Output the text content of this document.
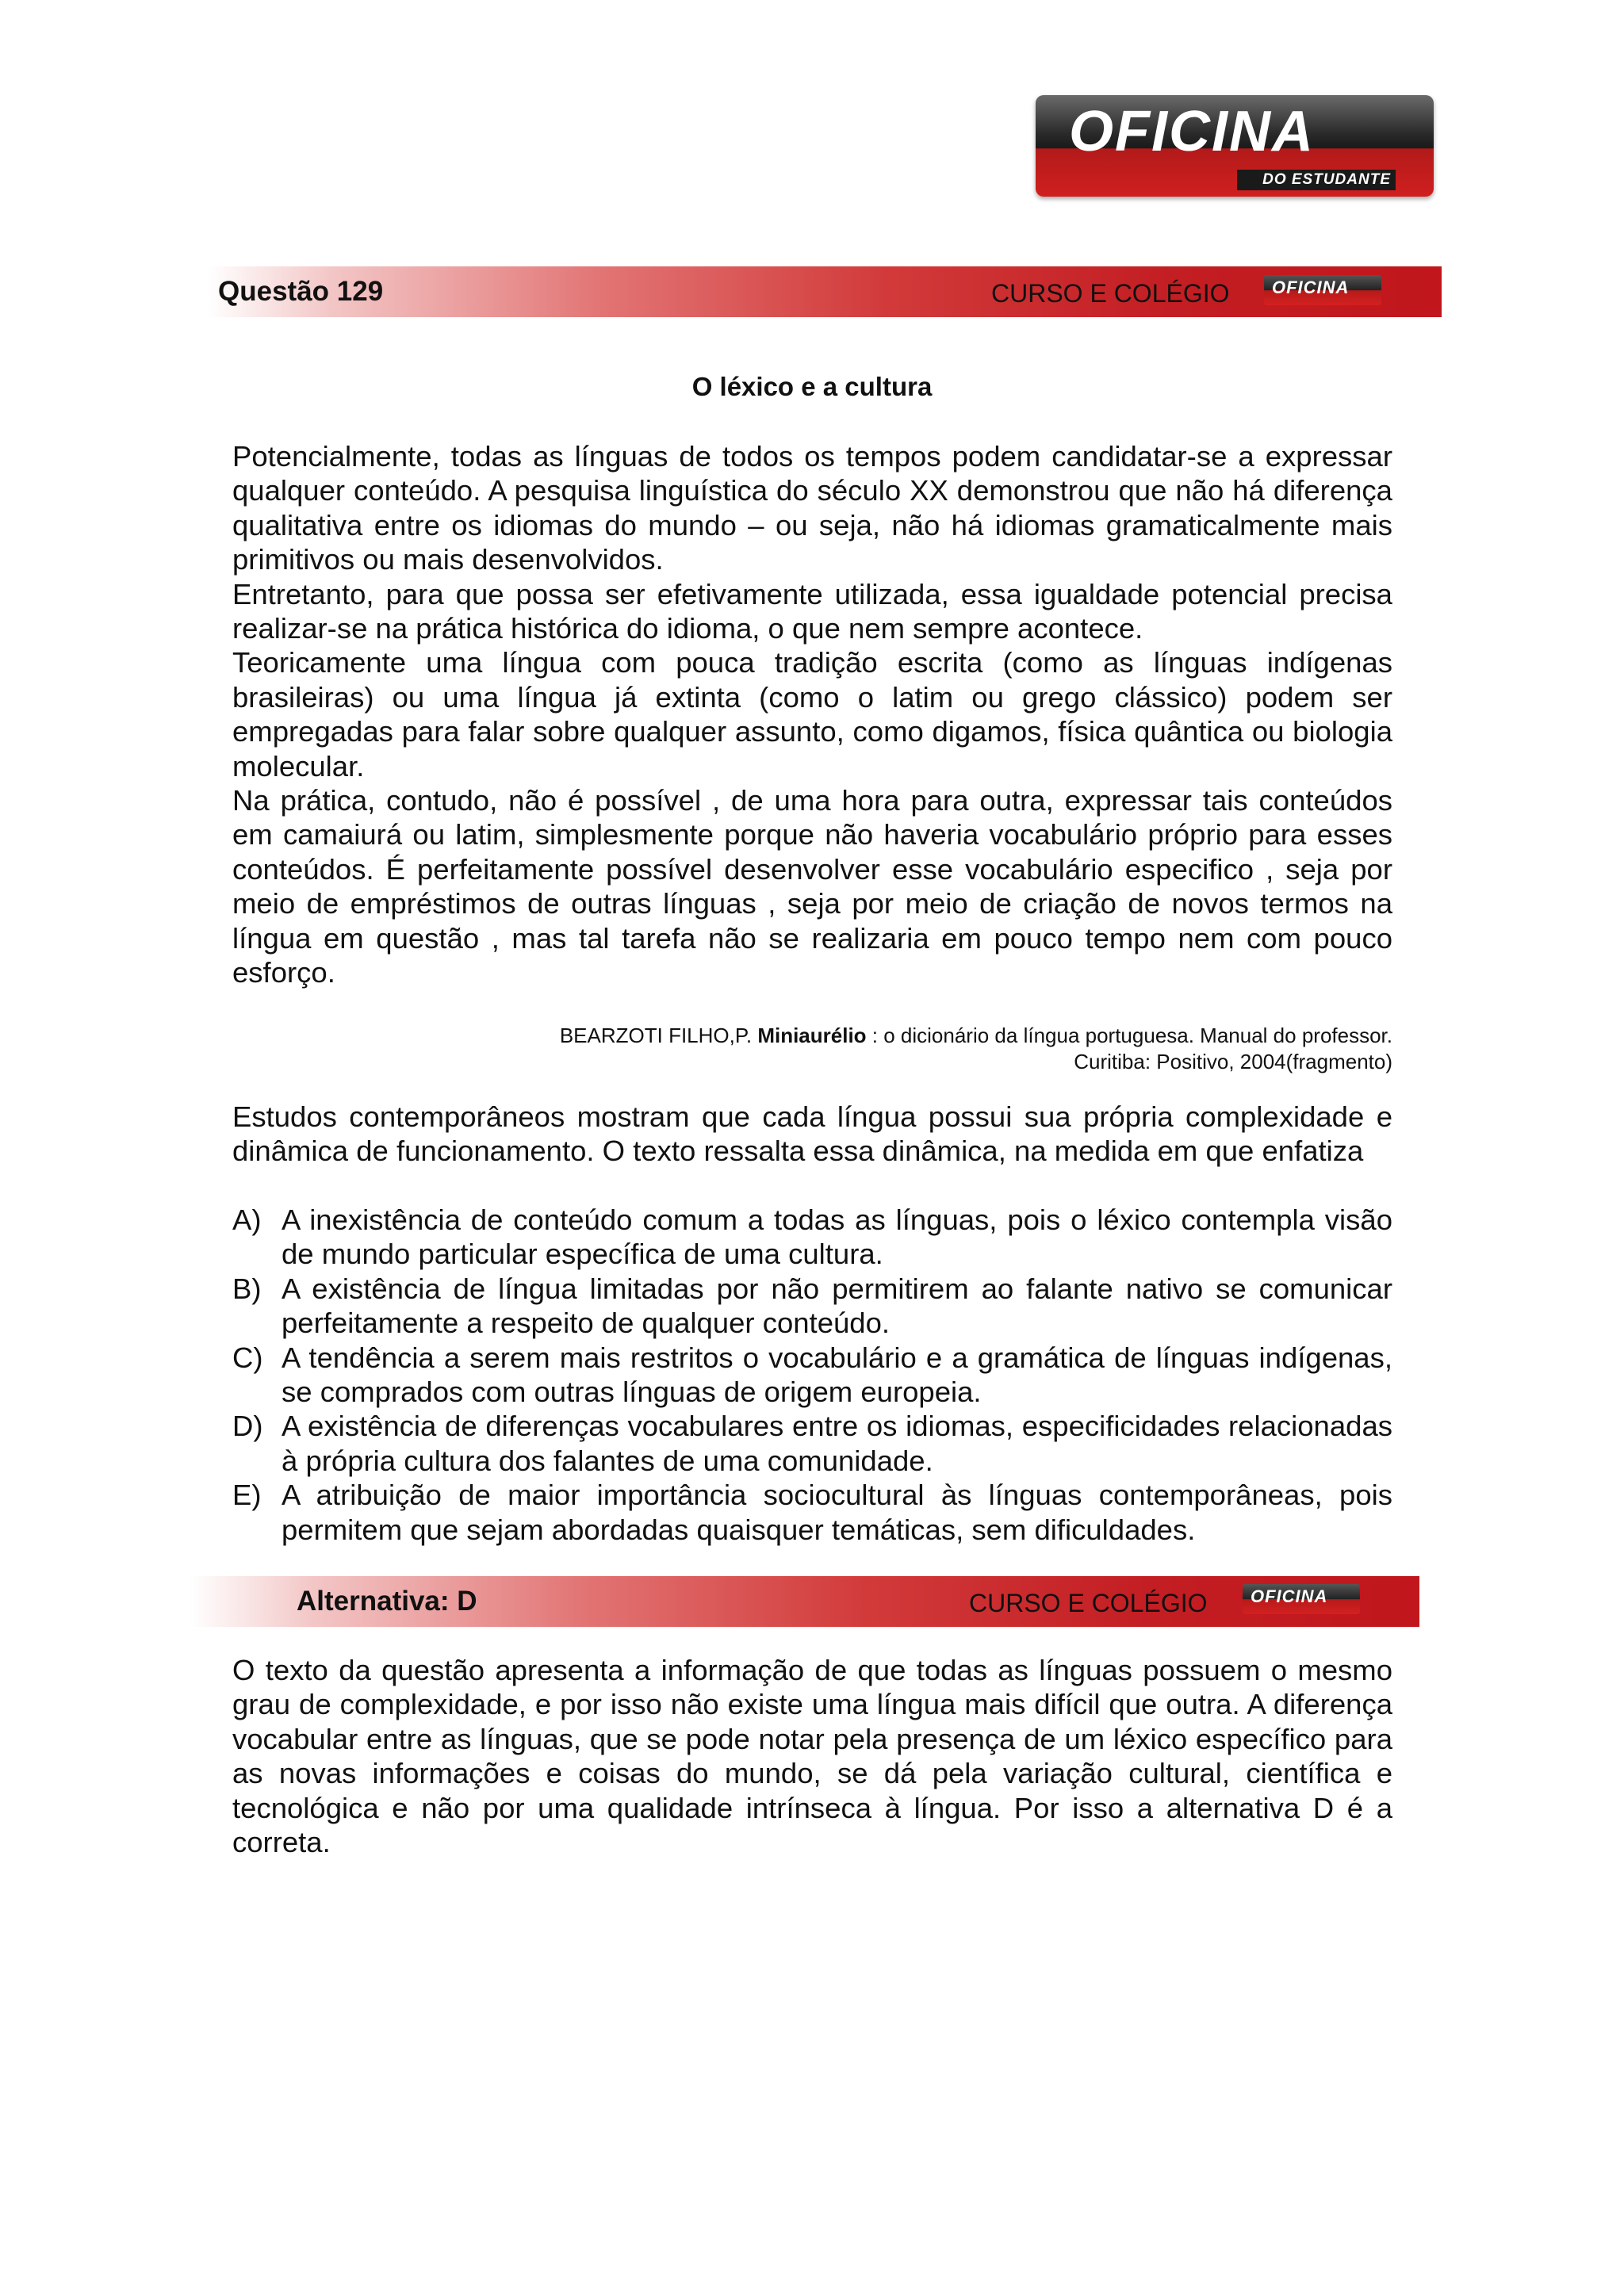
OFICINA
DO ESTUDANTE
Questão 129	CURSO E COLÉGIO OFICINA
O léxico e a cultura

Potencialmente, todas as línguas de todos os tempos podem candidatar-se a expressar qualquer conteúdo. A pesquisa linguística do século XX demonstrou que não há diferença qualitativa entre os idiomas do mundo – ou seja, não há idiomas gramaticalmente mais primitivos ou mais desenvolvidos.

Entretanto, para que possa ser efetivamente utilizada, essa igualdade potencial precisa realizar-se na prática histórica do idioma, o que nem sempre acontece.

Teoricamente uma língua com pouca tradição escrita (como as línguas indígenas brasileiras) ou uma língua já extinta (como o latim ou grego clássico) podem ser empregadas para falar sobre qualquer assunto, como digamos, física quântica ou biologia molecular.

Na prática, contudo, não é possível , de uma hora para outra, expressar tais conteúdos em camaiurá ou latim, simplesmente porque não haveria vocabulário próprio para esses conteúdos. É perfeitamente possível desenvolver esse vocabulário especifico , seja por meio de empréstimos de outras línguas , seja por meio de criação de novos termos na língua em questão , mas tal tarefa não se realizaria em pouco tempo nem com pouco esforço.

BEARZOTI FILHO,P. Miniaurélio : o dicionário da língua portuguesa. Manual do professor.
Curitiba: Positivo, 2004(fragmento)
Estudos contemporâneos mostram que cada língua possui sua própria complexidade e dinâmica de funcionamento. O texto ressalta essa dinâmica, na medida em que enfatiza
A) A inexistência de conteúdo comum a todas as línguas, pois o léxico contempla visão de mundo particular específica de uma cultura.
B) A existência de língua limitadas por não permitirem ao falante nativo se comunicar perfeitamente a respeito de qualquer conteúdo.
C) A tendência a serem mais restritos o vocabulário e a gramática de línguas indígenas, se comprados com outras línguas de origem europeia.
D) A existência de diferenças vocabulares entre os idiomas, especificidades relacionadas à própria cultura dos falantes de uma comunidade.
E) A atribuição de maior importância sociocultural às línguas contemporâneas, pois permitem que sejam abordadas quaisquer temáticas, sem dificuldades.
Alternativa: D	CURSO E COLÉGIO OFICINA
O texto da questão apresenta a informação de que todas as línguas possuem o mesmo grau de complexidade, e por isso não existe uma língua mais difícil que outra. A diferença vocabular entre as línguas, que se pode notar pela presença de um léxico específico para as novas informações e coisas do mundo, se dá pela variação cultural, científica e tecnológica e não por uma qualidade intrínseca à língua. Por isso a alternativa D é a correta.
